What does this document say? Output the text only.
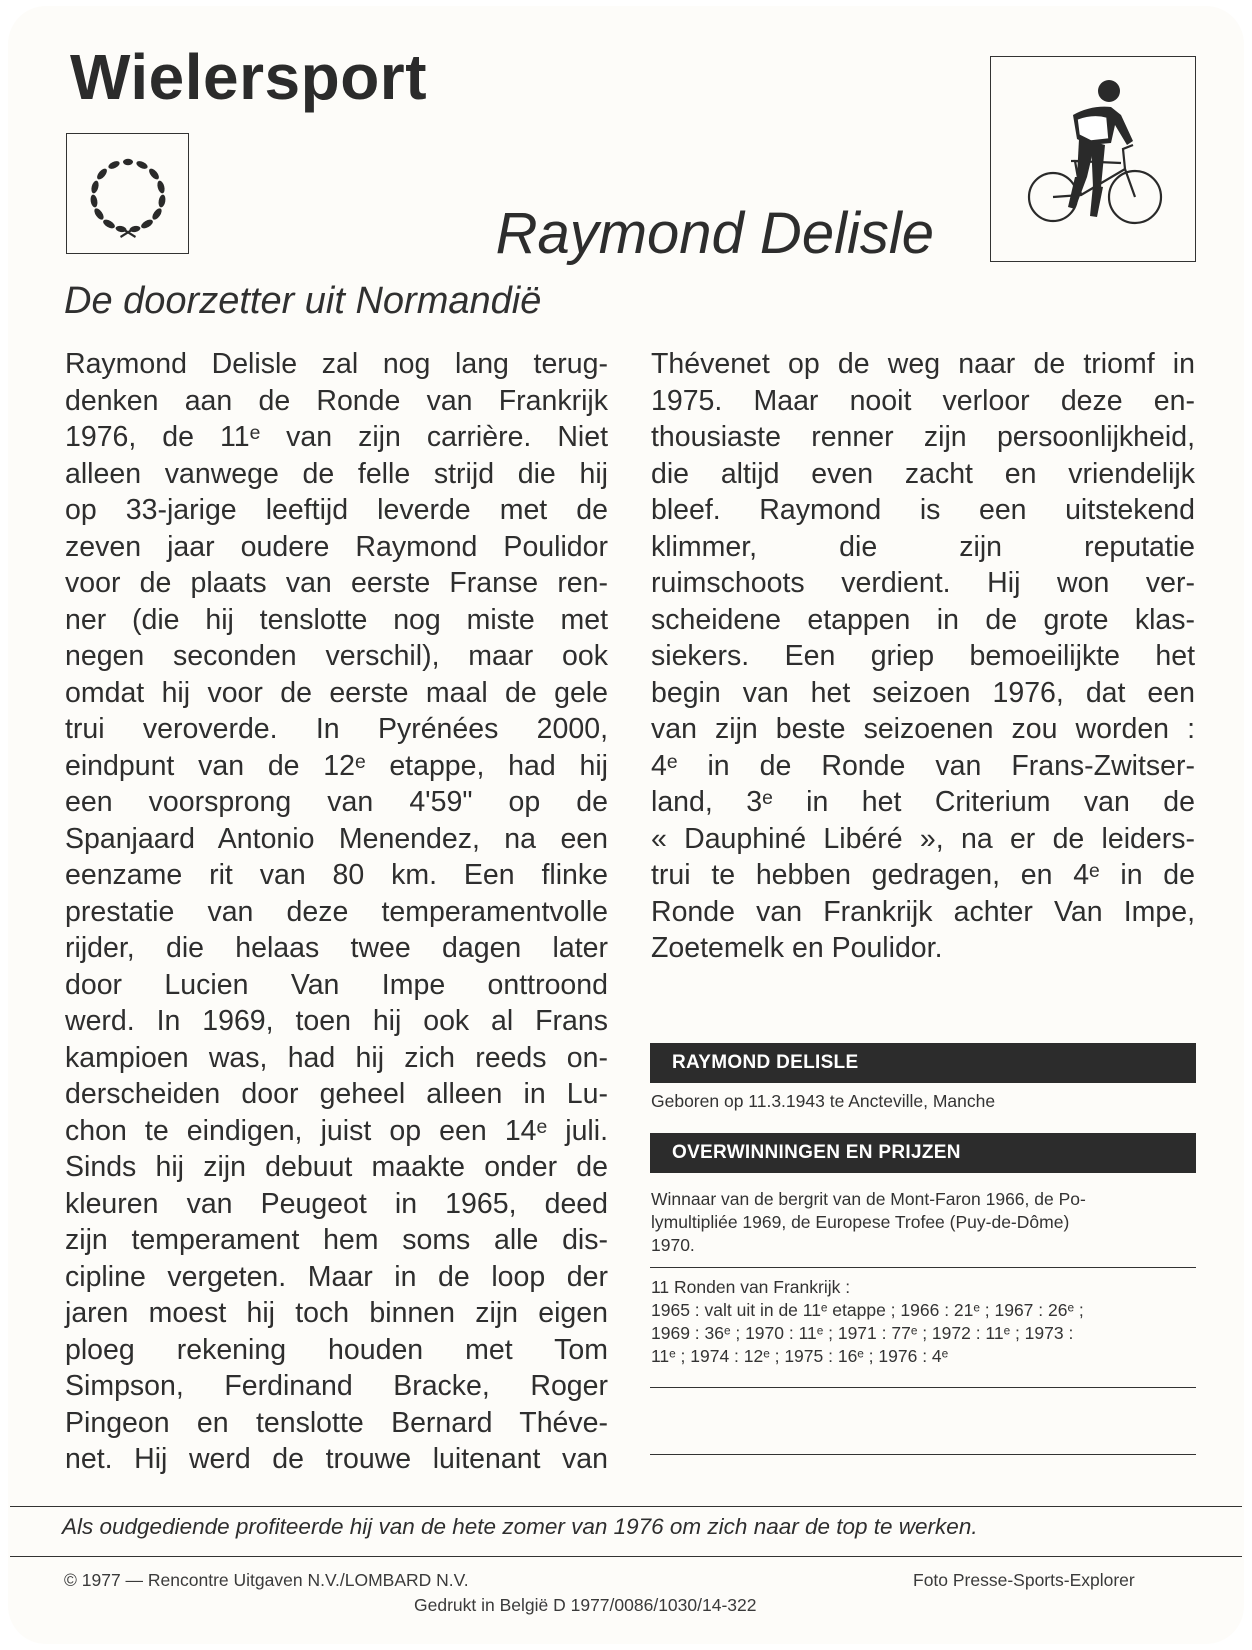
Wielersport
Raymond Delisle
De doorzetter uit Normandië
Raymond Delisle zal nog lang terug-
denken aan de Ronde van Frankrijk
1976, de 11ᵉ van zijn carrière. Niet
alleen vanwege de felle strijd die hij
op 33-jarige leeftijd leverde met de
zeven jaar oudere Raymond Poulidor
voor de plaats van eerste Franse ren-
ner (die hij tenslotte nog miste met
negen seconden verschil), maar ook
omdat hij voor de eerste maal de gele
trui veroverde. In Pyrénées 2000,
eindpunt van de 12ᵉ etappe, had hij
een voorsprong van 4'59" op de
Spanjaard Antonio Menendez, na een
eenzame rit van 80 km. Een flinke
prestatie van deze temperamentvolle
rijder, die helaas twee dagen later
door Lucien Van Impe onttroond
werd. In 1969, toen hij ook al Frans
kampioen was, had hij zich reeds on-
derscheiden door geheel alleen in Lu-
chon te eindigen, juist op een 14ᵉ juli.
Sinds hij zijn debuut maakte onder de
kleuren van Peugeot in 1965, deed
zijn temperament hem soms alle dis-
cipline vergeten. Maar in de loop der
jaren moest hij toch binnen zijn eigen
ploeg rekening houden met Tom
Simpson, Ferdinand Bracke, Roger
Pingeon en tenslotte Bernard Théve-
net. Hij werd de trouwe luitenant van
Thévenet op de weg naar de triomf in
1975. Maar nooit verloor deze en-
thousiaste renner zijn persoonlijkheid,
die altijd even zacht en vriendelijk
bleef. Raymond is een uitstekend
klimmer, die zijn reputatie
ruimschoots verdient. Hij won ver-
scheidene etappen in de grote klas-
siekers. Een griep bemoeilijkte het
begin van het seizoen 1976, dat een
van zijn beste seizoenen zou worden :
4ᵉ in de Ronde van Frans-Zwitser-
land, 3ᵉ in het Criterium van de
« Dauphiné Libéré », na er de leiders-
trui te hebben gedragen, en 4ᵉ in de
Ronde van Frankrijk achter Van Impe,
Zoetemelk en Poulidor.
RAYMOND DELISLE
Geboren op 11.3.1943 te Ancteville, Manche
OVERWINNINGEN EN PRIJZEN
Winnaar van de bergrit van de Mont-Faron 1966, de Po-
lymultipliée 1969, de Europese Trofee (Puy-de-Dôme)
1970.
11 Ronden van Frankrijk :
1965 : valt uit in de 11ᵉ etappe ; 1966 : 21ᵉ ; 1967 : 26ᵉ ;
1969 : 36ᵉ ; 1970 : 11ᵉ ; 1971 : 77ᵉ ; 1972 : 11ᵉ ; 1973 :
11ᵉ ; 1974 : 12ᵉ ; 1975 : 16ᵉ ; 1976 : 4ᵉ

Als oudgediende profiteerde hij van de hete zomer van 1976 om zich naar de top te werken.

© 1977 — Rencontre Uitgaven N.V./LOMBARD N.V.
Gedrukt in België D 1977/0086/1030/14-322
Foto Presse-Sports-Explorer
